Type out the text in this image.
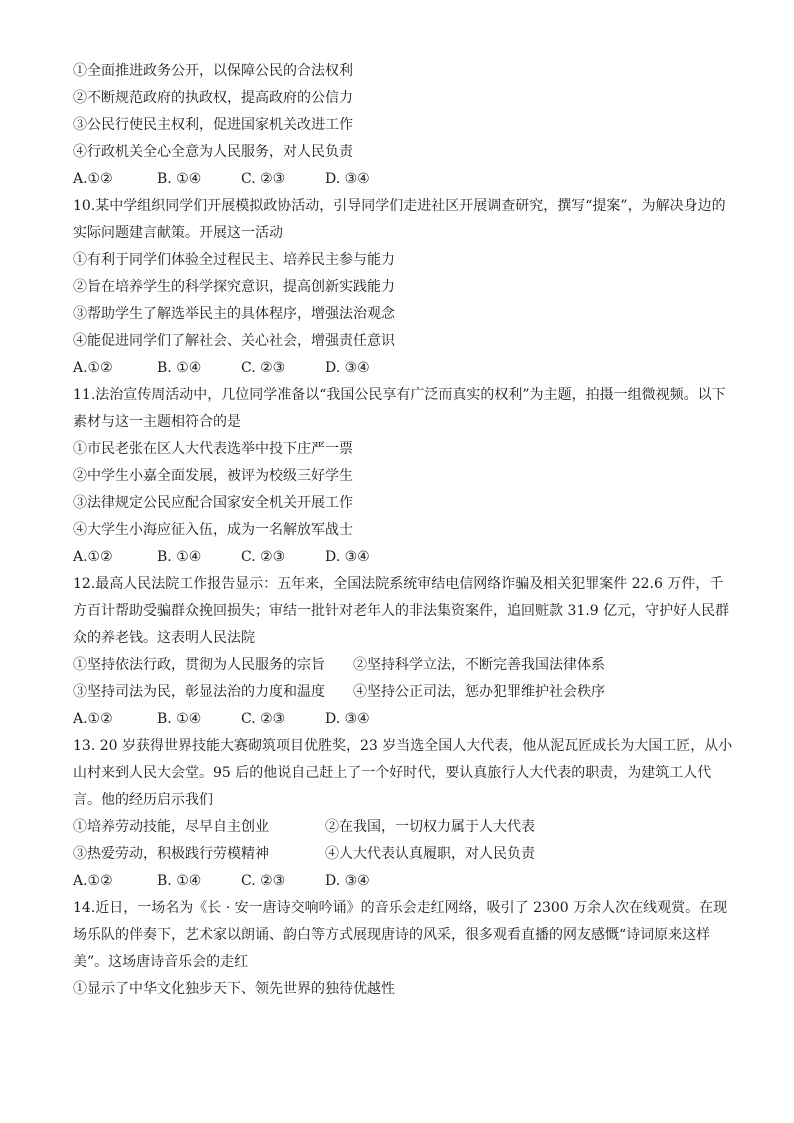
①全面推进政务公开，以保障公民的合法权利
②不断规范政府的执政权，提高政府的公信力
③公民行使民主权利，促进国家机关改进工作
④行政机关全心全意为人民服务，对人民负责
A.①②	B. ①④	C. ②③	D. ③④
10.某中学组织同学们开展模拟政协活动，引导同学们走进社区开展调查研究，撰写“提案”，为解决身边的实际问题建言献策。开展这一活动
①有利于同学们体验全过程民主、培养民主参与能力
②旨在培养学生的科学探究意识，提高创新实践能力
③帮助学生了解选举民主的具体程序，增强法治观念
④能促进同学们了解社会、关心社会，增强责任意识
A.①②	B. ①④	C. ②③	D. ③④
11.法治宣传周活动中，几位同学准备以“我国公民享有广泛而真实的权利”为主题，拍摄一组微视频。以下素材与这一主题相符合的是
①市民老张在区人大代表选举中投下庄严一票
②中学生小嘉全面发展，被评为校级三好学生
③法律规定公民应配合国家安全机关开展工作
④大学生小海应征入伍，成为一名解放军战士
A.①②	B. ①④	C. ②③	D. ③④
12.最高人民法院工作报告显示：五年来，全国法院系统审结电信网络诈骗及相关犯罪案件 22.6 万件，千方百计帮助受骗群众挽回损失；审结一批针对老年人的非法集资案件，追回赃款 31.9 亿元，守护好人民群众的养老钱。这表明人民法院
①坚持依法行政，贯彻为人民服务的宗旨	②坚持科学立法，不断完善我国法律体系
③坚持司法为民，彰显法治的力度和温度	④坚持公正司法，惩办犯罪维护社会秩序
A.①②	B. ①④	C. ②③	D. ③④
13. 20 岁获得世界技能大赛砌筑项目优胜奖，23 岁当选全国人大代表，他从泥瓦匠成长为大国工匠，从小山村来到人民大会堂。95 后的他说自己赶上了一个好时代，要认真旅行人大代表的职责，为建筑工人代言。他的经历启示我们
①培养劳动技能，尽早自主创业	②在我国，一切权力属于人大代表
③热爱劳动，积极践行劳模精神	④人大代表认真履职，对人民负责
A.①②	B. ①④	C. ②③	D. ③④
14.近日，一场名为《长 · 安一唐诗交响吟诵》的音乐会走红网络，吸引了 2300 万余人次在线观赏。在现场乐队的伴奏下，艺术家以朗诵、韵白等方式展现唐诗的风采，很多观看直播的网友感慨“诗词原来这样美”。这场唐诗音乐会的走红
①显示了中华文化独步天下、领先世界的独待优越性
